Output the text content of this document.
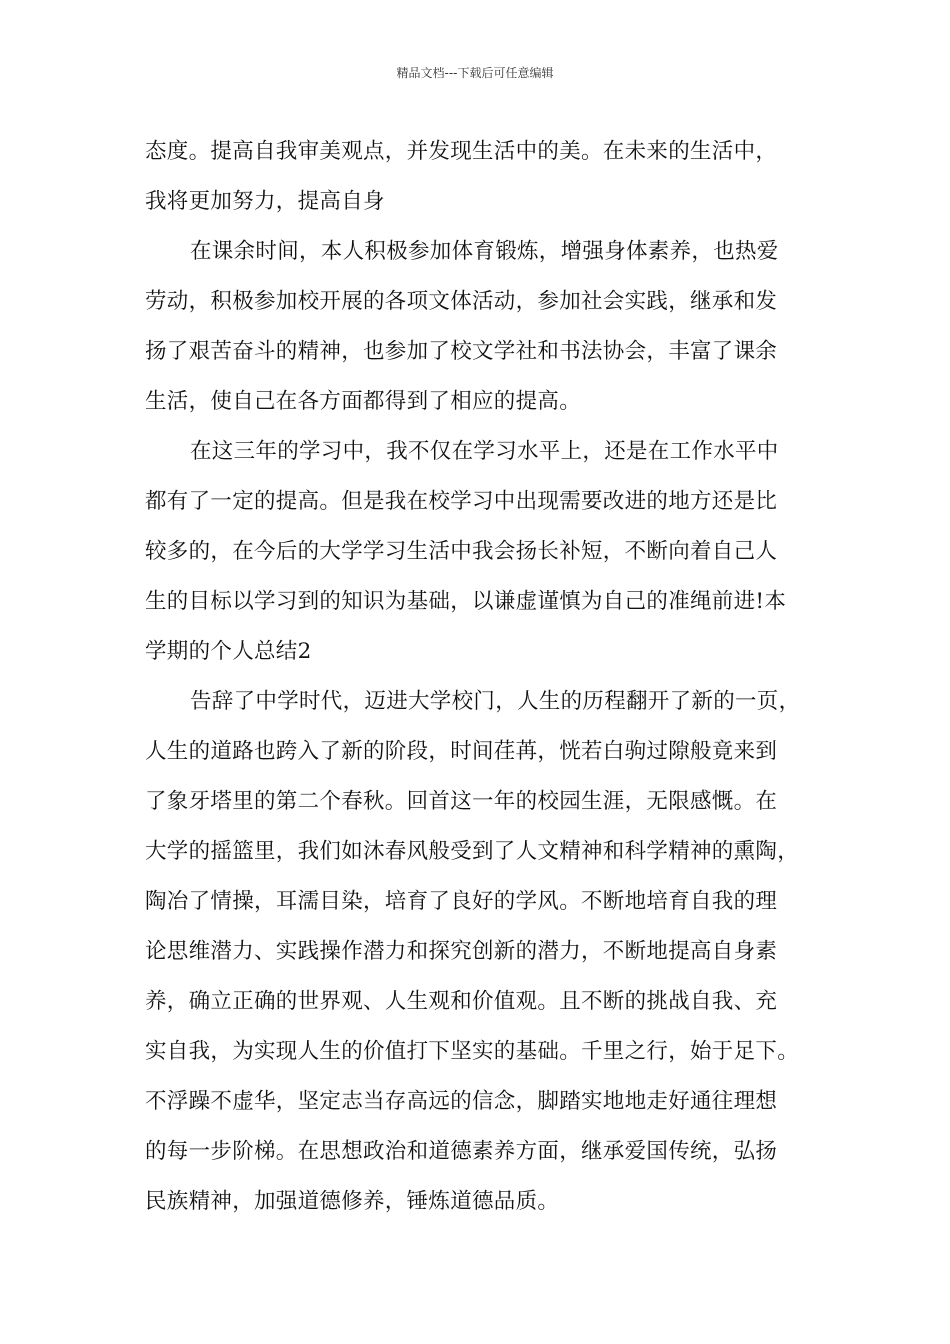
精品文档---下载后可任意编辑
态度。提高自我审美观点，并发现生活中的美。在未来的生活中，
我将更加努力，提高自身
在课余时间，本人积极参加体育锻炼，增强身体素养，也热爱
劳动，积极参加校开展的各项文体活动，参加社会实践，继承和发
扬了艰苦奋斗的精神，也参加了校文学社和书法协会，丰富了课余
生活，使自己在各方面都得到了相应的提高。
在这三年的学习中，我不仅在学习水平上，还是在工作水平中
都有了一定的提高。但是我在校学习中出现需要改进的地方还是比
较多的，在今后的大学学习生活中我会扬长补短，不断向着自己人
生的目标以学习到的知识为基础，以谦虚谨慎为自己的准绳前进!本
学期的个人总结2
告辞了中学时代，迈进大学校门，人生的历程翻开了新的一页，
人生的道路也跨入了新的阶段，时间荏苒，恍若白驹过隙般竟来到
了象牙塔里的第二个春秋。回首这一年的校园生涯，无限感慨。在
大学的摇篮里，我们如沐春风般受到了人文精神和科学精神的熏陶，
陶冶了情操，耳濡目染，培育了良好的学风。不断地培育自我的理
论思维潜力、实践操作潜力和探究创新的潜力，不断地提高自身素
养，确立正确的世界观、人生观和价值观。且不断的挑战自我、充
实自我，为实现人生的价值打下坚实的基础。千里之行，始于足下。
不浮躁不虚华，坚定志当存高远的信念，脚踏实地地走好通往理想
的每一步阶梯。在思想政治和道德素养方面，继承爱国传统，弘扬
民族精神，加强道德修养，锤炼道德品质。
